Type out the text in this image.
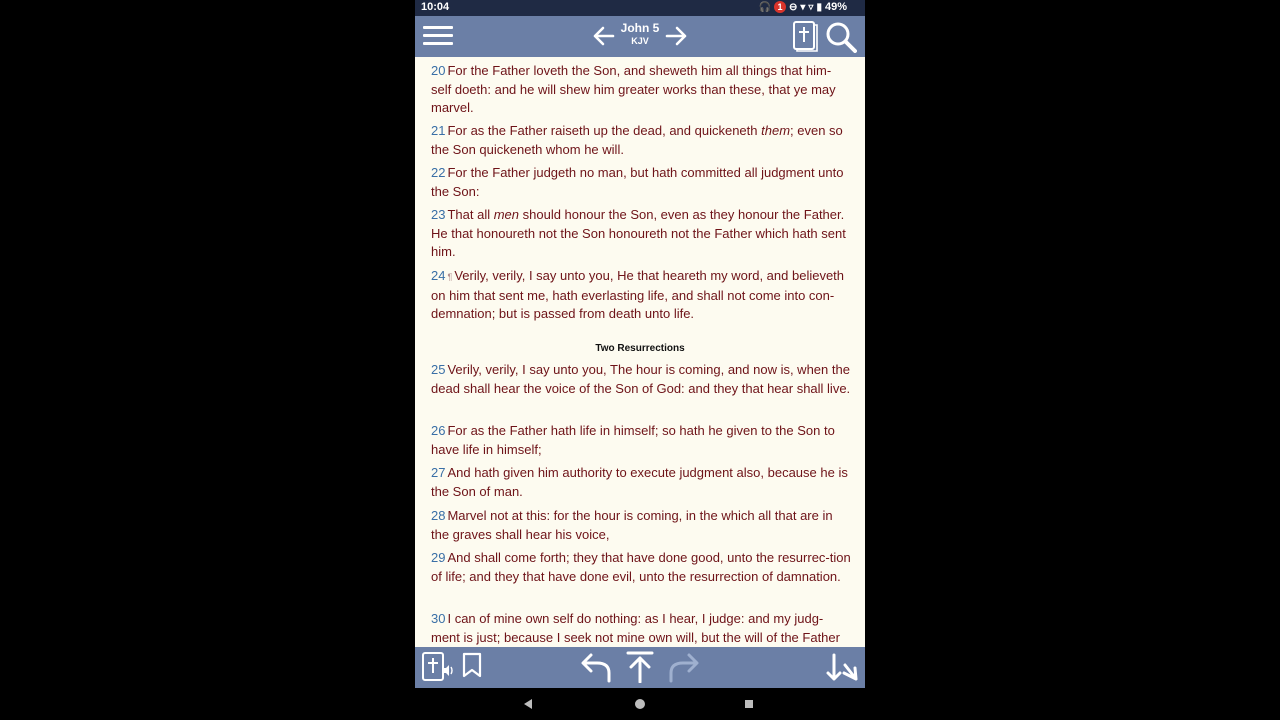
10:04	🎧 1 ⊖ ▾ ▿ ▮ 49%
John 5
KJV

20 For the Father loveth the Son, and sheweth him all things that him-self doeth: and he will shew him greater works than these, that ye may marvel.

21 For as the Father raiseth up the dead, and quickeneth them; even so the Son quickeneth whom he will.

22 For the Father judgeth no man, but hath committed all judgment unto the Son:

23 That all men should honour the Son, even as they honour the Father. He that honoureth not the Son honoureth not the Father which hath sent him.

24 ¶ Verily, verily, I say unto you, He that heareth my word, and believeth on him that sent me, hath everlasting life, and shall not come into con-demnation; but is passed from death unto life.

Two Resurrections

25 Verily, verily, I say unto you, The hour is coming, and now is, when the dead shall hear the voice of the Son of God: and they that hear shall live.

26 For as the Father hath life in himself; so hath he given to the Son to have life in himself;

27 And hath given him authority to execute judgment also, because he is the Son of man.

28 Marvel not at this: for the hour is coming, in the which all that are in the graves shall hear his voice,

29 And shall come forth; they that have done good, unto the resurrec-tion of life; and they that have done evil, unto the resurrection of damnation.

30 I can of mine own self do nothing: as I hear, I judge: and my judg-ment is just; because I seek not mine own will, but the will of the Father
